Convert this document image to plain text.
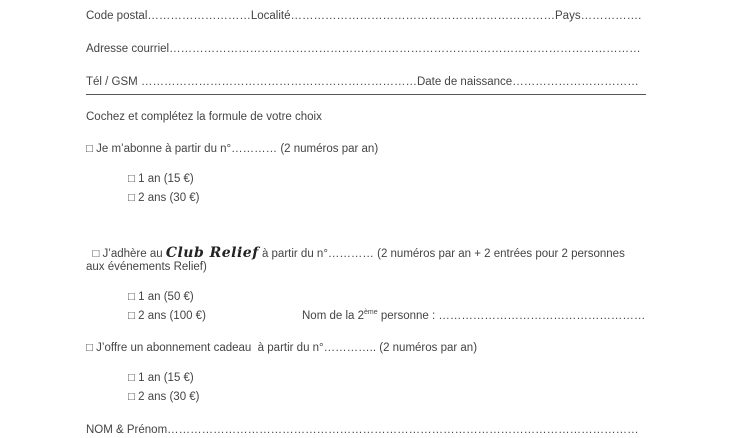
Code postal………………………Localité……………………………………………………………Pays…………….
Adresse courriel……………………………………………………………………………………………………………
Tél / GSM ………………………………………………………………Date de naissance……………………………
Cochez et complétez la formule de votre choix
□ Je m’abonne à partir du n°………… (2 numéros par an)
□ 1 an (15 €)
□ 2 ans (30 €)

□ J’adhère au Club Relief à partir du n°………… (2 numéros par an + 2 entrées pour 2 personnes

aux événements Relief)
□ 1 an (50 €)
□ 2 ans (100 €)	Nom de la 2ème personne : ………………………………………………
□ J’offre un abonnement cadeau  à partir du n°………….. (2 numéros par an)
□ 1 an (15 €)
□ 2 ans (30 €)
NOM & Prénom……………………………………………………………………………………………………………
